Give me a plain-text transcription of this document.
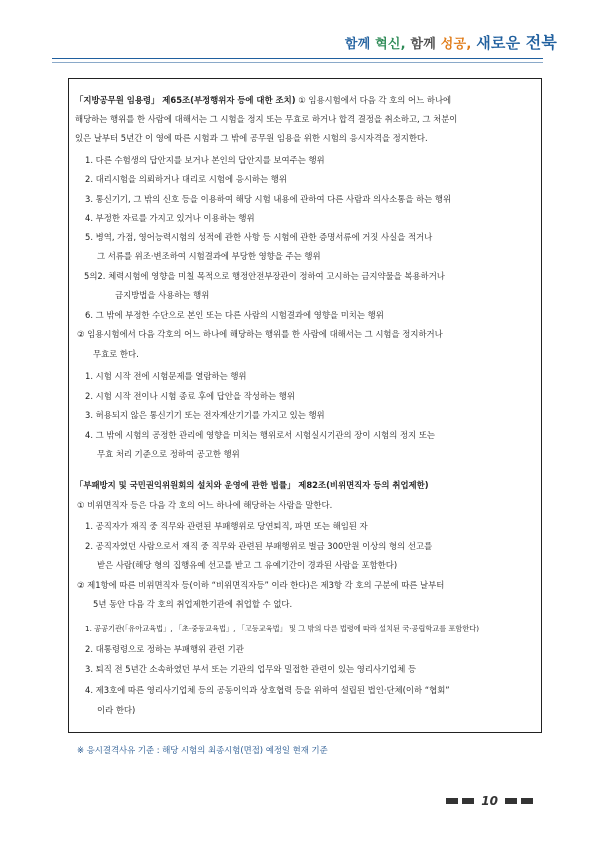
함께 혁신, 함께 성공, 새로운 전북
「지방공무원 임용령」 제65조(부정행위자 등에 대한 조치) ① 임용시험에서 다음 각 호의 어느 하나에
해당하는 행위를 한 사람에 대해서는 그 시험을 정지 또는 무효로 하거나 합격 결정을 취소하고, 그 처분이
있은 날부터 5년간 이 영에 따른 시험과 그 밖에 공무원 임용을 위한 시험의 응시자격을 정지한다.
1. 다른 수험생의 답안지를 보거나 본인의 답안지를 보여주는 행위
2. 대리시험을 의뢰하거나 대리로 시험에 응시하는 행위
3. 통신기기, 그 밖의 신호 등을 이용하여 해당 시험 내용에 관하여 다른 사람과 의사소통을 하는 행위
4. 부정한 자료를 가지고 있거나 이용하는 행위
5. 병역, 가점, 영어능력시험의 성적에 관한 사항 등 시험에 관한 증명서류에 거짓 사실을 적거나
그 서류를 위조·변조하여 시험결과에 부당한 영향을 주는 행위
5의2. 체력시험에 영향을 미칠 목적으로 행정안전부장관이 정하여 고시하는 금지약물을 복용하거나
금지방법을 사용하는 행위
6. 그 밖에 부정한 수단으로 본인 또는 다른 사람의 시험결과에 영향을 미치는 행위
② 임용시험에서 다음 각호의 어느 하나에 해당하는 행위를 한 사람에 대해서는 그 시험을 정지하거나
무효로 한다.
1. 시험 시작 전에 시험문제를 열람하는 행위
2. 시험 시작 전이나 시험 종료 후에 답안을 작성하는 행위
3. 허용되지 않은 통신기기 또는 전자계산기기를 가지고 있는 행위
4. 그 밖에 시험의 공정한 관리에 영향을 미치는 행위로서 시험실시기관의 장이 시험의 정지 또는
무효 처리 기준으로 정하여 공고한 행위
「부패방지 및 국민권익위원회의 설치와 운영에 관한 법률」 제82조(비위면직자 등의 취업제한)
① 비위면직자 등은 다음 각 호의 어느 하나에 해당하는 사람을 말한다.
1. 공직자가 재직 중 직무와 관련된 부패행위로 당연퇴직, 파면 또는 해임된 자
2. 공직자였던 사람으로서 재직 중 직무와 관련된 부패행위로 벌금 300만원 이상의 형의 선고를
받은 사람(해당 형의 집행유예 선고를 받고 그 유예기간이 경과된 사람을 포함한다)
② 제1항에 따른 비위면직자 등(이하 “비위면직자등” 이라 한다)은 제3항 각 호의 구분에 따른 날부터
5년 동안 다음 각 호의 취업제한기관에 취업할 수 없다.
1. 공공기관(「유아교육법」, 「초·중등교육법」, 「고등교육법」 및 그 밖의 다른 법령에 따라 설치된 국·공립학교를 포함한다)
2. 대통령령으로 정하는 부패행위 관련 기관
3. 퇴직 전 5년간 소속하였던 부서 또는 기관의 업무와 밀접한 관련이 있는 영리사기업체 등
4. 제3호에 따른 영리사기업체 등의 공동이익과 상호협력 등을 위하여 설립된 법인·단체(이하 “협회”
이라 한다)
※ 응시결격사유 기준 : 해당 시험의 최종시험(면접) 예정일 현재 기준
10
